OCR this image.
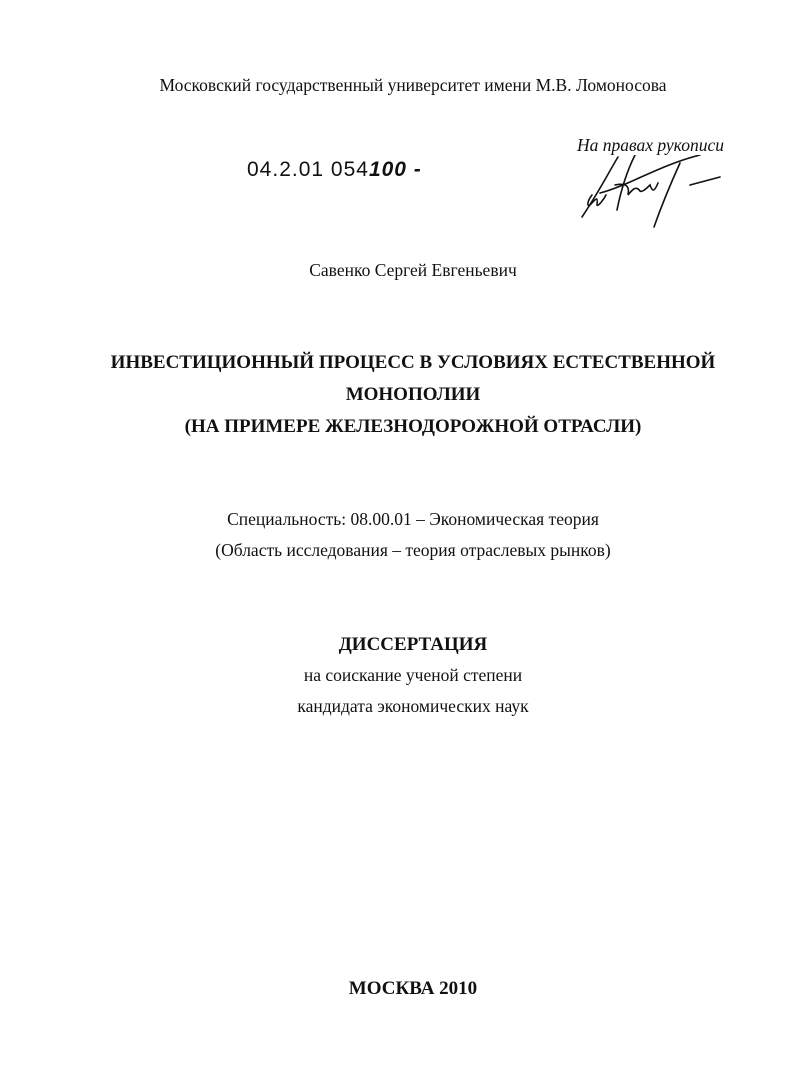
Московский государственный университет имени М.В. Ломоносова
04.2.01 054100 -
На правах рукописи
Савенко Сергей Евгеньевич
ИНВЕСТИЦИОННЫЙ ПРОЦЕСС В УСЛОВИЯХ ЕСТЕСТВЕННОЙ
МОНОПОЛИИ
(НА ПРИМЕРЕ ЖЕЛЕЗНОДОРОЖНОЙ ОТРАСЛИ)
Специальность: 08.00.01 – Экономическая теория
(Область исследования – теория отраслевых рынков)
ДИССЕРТАЦИЯ
на соискание ученой степени
кандидата экономических наук
МОСКВА 2010
